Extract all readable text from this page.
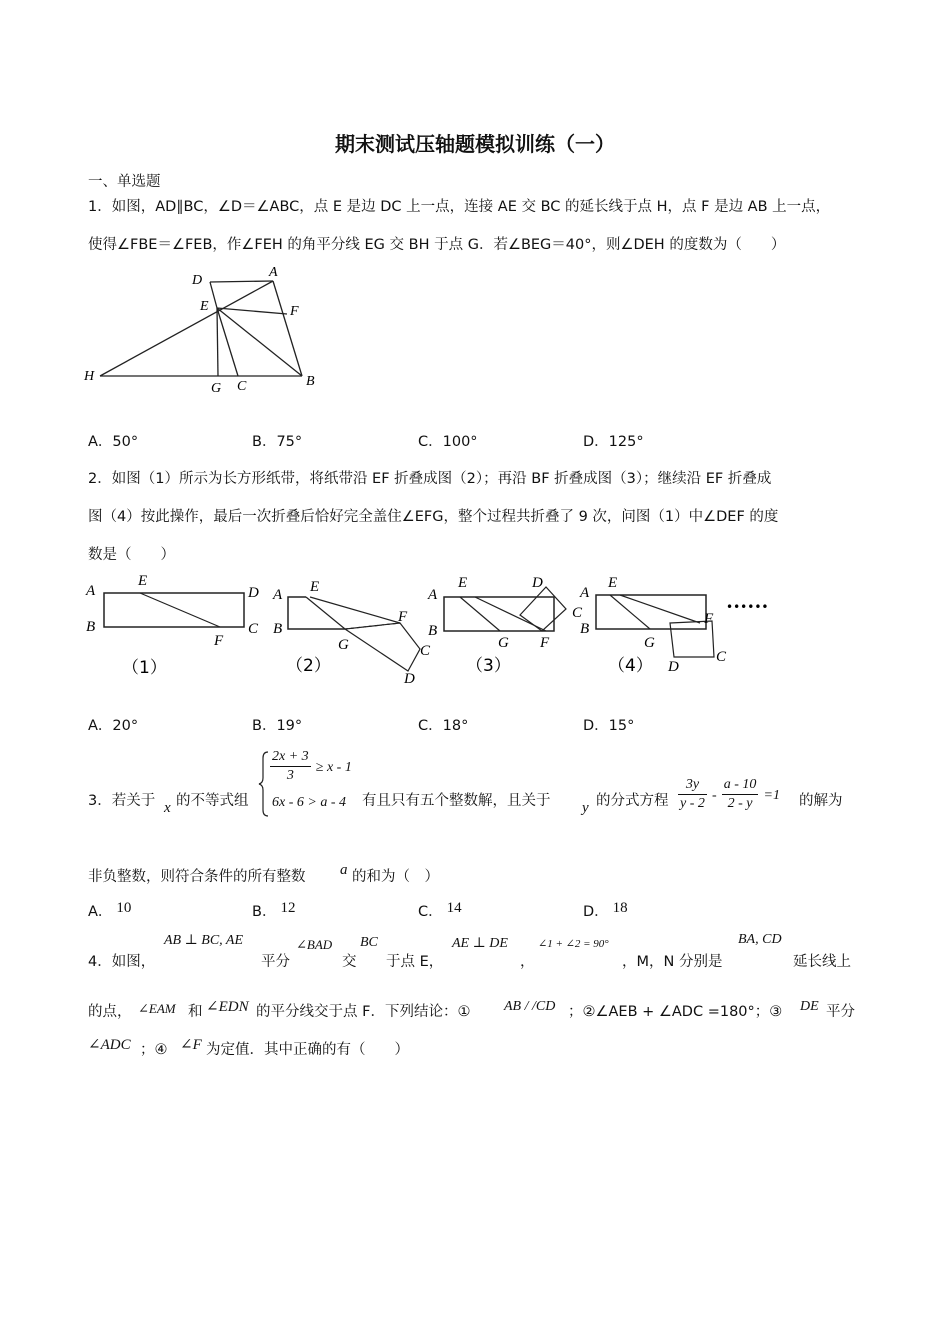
期末测试压轴题模拟训练（一）
一、单选题
1．如图，AD∥BC，∠D＝∠ABC，点 E 是边 DC 上一点，连接 AE 交 BC 的延长线于点 H，点 F 是边 AB 上一点，
使得∠FBE＝∠FEB，作∠FEH 的角平分线 EG 交 BH 于点 G．若∠BEG＝40°，则∠DEH 的度数为（　　）
D
A
E	F
H
G C	B
A．50°	B．75°	C．100°	D．125°
2．如图（1）所示为长方形纸带，将纸带沿 EF 折叠成图（2）；再沿 BF 折叠成图（3）；继续沿 EF 折叠成
图（4）按此操作，最后一次折叠后恰好完全盖住∠EFG，整个过程共折叠了 9 次，问图（1）中∠DEF 的度
数是（　　）
A
B
E
D
C
F
A
B
E
G
F
C
D
A
B
E
G F
D
C
A
B
E
G
F
D
C
••••••
（1）	（2）	（3）	（4）
A．20°	B．19°	C．18°	D．15°
3．若关于 x 的不等式组
$\frac{2x + 3}{3} \ge x - 1$
6x - 6 > a - 4 有且只有五个整数解，且关于 y 的分式方程 $\frac{3y}{y - 2} - \frac{a - 10}{2 - y} =1$ 的解为
非负整数，则符合条件的所有整数 a 的和为（　）
A． 10	B． 12	C． 14	D． 18
4．如图，
AB ⊥ BC, AE
平分
∠BAD
交
BC
于点 E，
AE ⊥ DE
，
∠1 + ∠2 = 90°
，M，N 分别是
BA, CD
延长线上
的点， ∠EAM 和 ∠EDN 的平分线交于点 F．下列结论：① AB / /CD ；②∠AEB + ∠ADC =180°；③ DE 平分
∠ADC ；④ ∠F 为定值．其中正确的有（　　）
